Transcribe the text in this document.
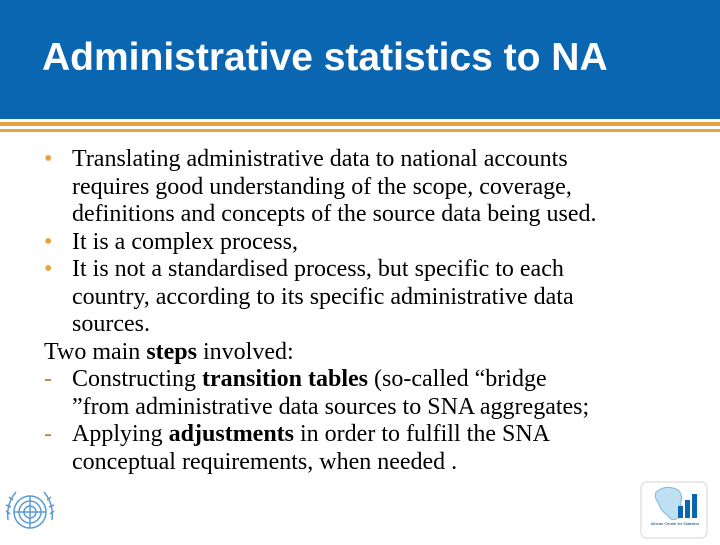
Administrative statistics to NA
• Translating administrative data to national accounts
requires good understanding of the scope, coverage,
definitions and concepts of the source data being used.
• It is a complex process,
• It is not a standardised process, but specific to each
country, according to its specific administrative data
sources.
Two main steps involved:
- Constructing transition tables (so-called “bridge
”from administrative data sources to SNA aggregates;
- Applying adjustments in order to fulfill the SNA
conceptual requirements, when needed .
African Centre for Statistics
